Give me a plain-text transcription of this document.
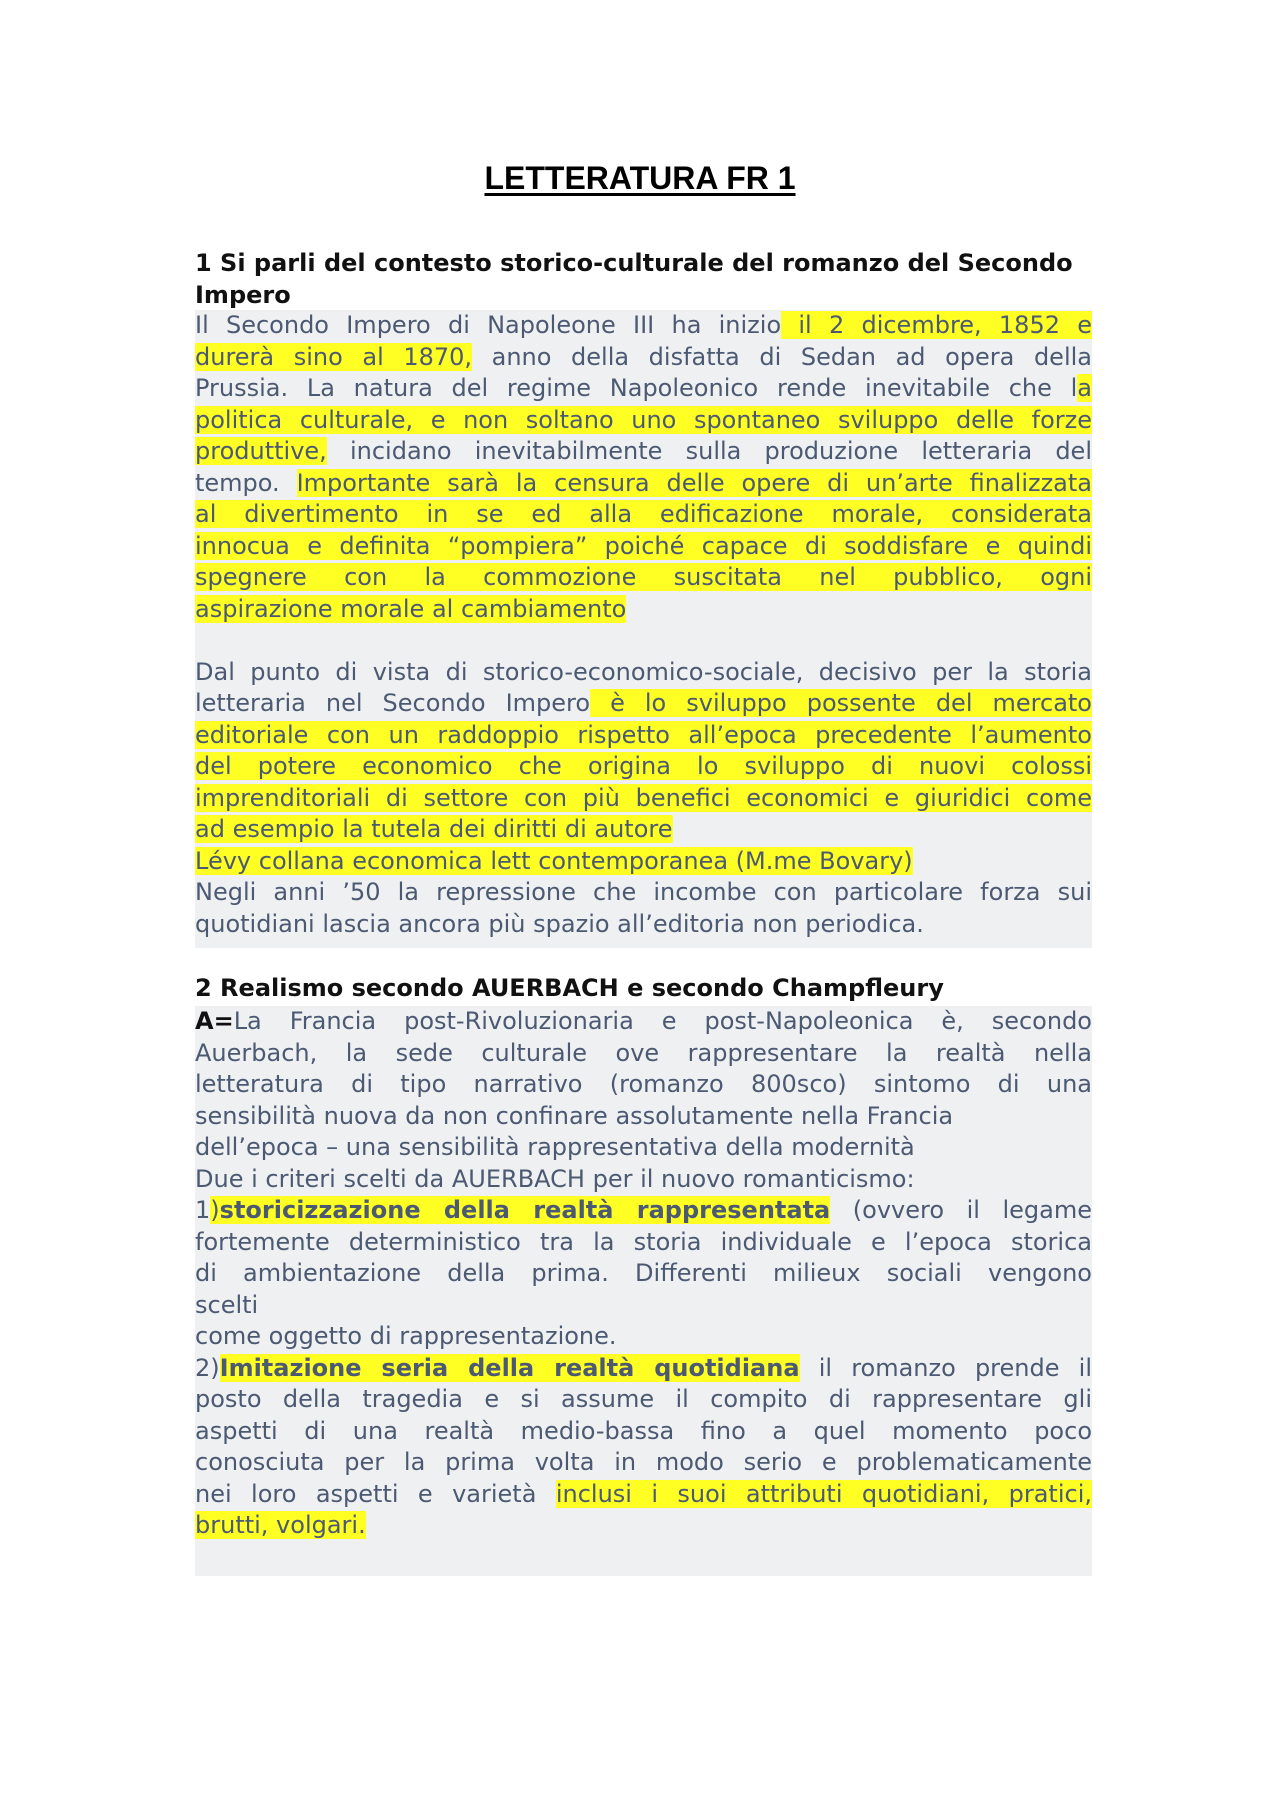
LETTERATURA FR 1
1 Si parli del contesto storico-culturale del romanzo del Secondo Impero
Il Secondo Impero di Napoleone III ha inizio il 2 dicembre, 1852 e
durerà sino al 1870, anno della disfatta di Sedan ad opera della
Prussia. La natura del regime Napoleonico rende inevitabile che la
politica culturale, e non soltano uno spontaneo sviluppo delle forze
produttive, incidano inevitabilmente sulla produzione letteraria del
tempo. Importante sarà la censura delle opere di un’arte finalizzata
al divertimento in se ed alla edificazione morale, considerata
innocua e definita “pompiera” poiché capace di soddisfare e quindi
spegnere con la commozione suscitata nel pubblico, ogni
aspirazione morale al cambiamento
Dal punto di vista di storico-economico-sociale, decisivo per la storia
letteraria nel Secondo Impero è lo sviluppo possente del mercato
editoriale con un raddoppio rispetto all’epoca precedente l’aumento
del potere economico che origina lo sviluppo di nuovi colossi
imprenditoriali di settore con più benefici economici e giuridici come
ad esempio la tutela dei diritti di autore
Lévy collana economica lett contemporanea (M.me Bovary)
Negli anni ’50 la repressione che incombe con particolare forza sui
quotidiani lascia ancora più spazio all’editoria non periodica.
2 Realismo secondo AUERBACH e secondo Champfleury
A=La Francia post-Rivoluzionaria e post-Napoleonica è, secondo
Auerbach, la sede culturale ove rappresentare la realtà nella
letteratura di tipo narrativo (romanzo 800sco) sintomo di una
sensibilità nuova da non confinare assolutamente nella Francia
dell’epoca – una sensibilità rappresentativa della modernità
Due i criteri scelti da AUERBACH per il nuovo romanticismo:
1)storicizzazione della realtà rappresentata (ovvero il legame
fortemente deterministico tra la storia individuale e l’epoca storica
di ambientazione della prima. Differenti milieux sociali vengono
scelti
come oggetto di rappresentazione.
2)Imitazione seria della realtà quotidiana il romanzo prende il
posto della tragedia e si assume il compito di rappresentare gli
aspetti di una realtà medio-bassa fino a quel momento poco
conosciuta per la prima volta in modo serio e problematicamente
nei loro aspetti e varietà inclusi i suoi attributi quotidiani, pratici,
brutti, volgari.
